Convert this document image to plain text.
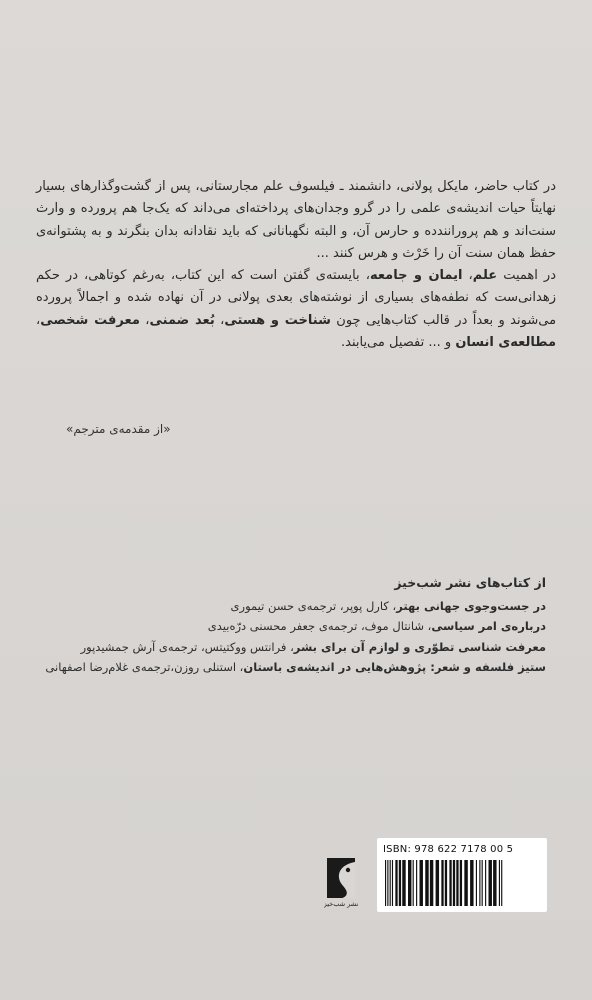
در کتاب حاضر، مایکل پولانی، دانشمند ـ فیلسوف علم مجارستانی، پس از گشت‌وگذارهای بسیار نهایتاً حیات اندیشه‌ی علمی را در گرو وجدان‌های پرداخته‌ای می‌داند که یک‌جا هم پرورده و وارث سنت‌اند و هم پرورانندده و حارس آن، و البته نگهبانانی که باید نقادانه بدان بنگرند و به پشتوانه‌ی حفظ همان سنت آن را خَرْث و هرس کنند ...

در اهمیت علم، ایمان و جامعه، بایسته‌ی گفتن است که این کتاب، به‌رغم کوتاهی، در حکم زهدانی‌ست که نطفه‌های بسیاری از نوشته‌های بعدی پولانی در آن نهاده شده و اجمالاً پرورده می‌شوند و بعداً در قالب کتاب‌هایی چون شناخت و هستی، بُعد ضمنی، معرفت شخصی، مطالعه‌ی انسان و ... تفصیل می‌یابند.

«از مقدمه‌ی مترجم»
از کتاب‌های نشر شب‌خیز
در جست‌وجوی جهانی بهتر، کارل پوپر، ترجمه‌ی حسن تیموری
درباره‌ی امر سیاسی، شانتال موف، ترجمه‌ی جعفر محسنی درّه‌بیدی
معرفت شناسی تطوّری و لوازم آن برای بشر، فرانتس ووکتیتس، ترجمه‌ی آرش جمشیدپور
ستیز فلسفه و شعر: پژوهش‌هایی در اندیشه‌ی باستان، استنلی روزن،ترجمه‌ی غلام‌رضا اصفهانی
نشر شب‌خیز
ISBN: 978 622 7178 00 5
